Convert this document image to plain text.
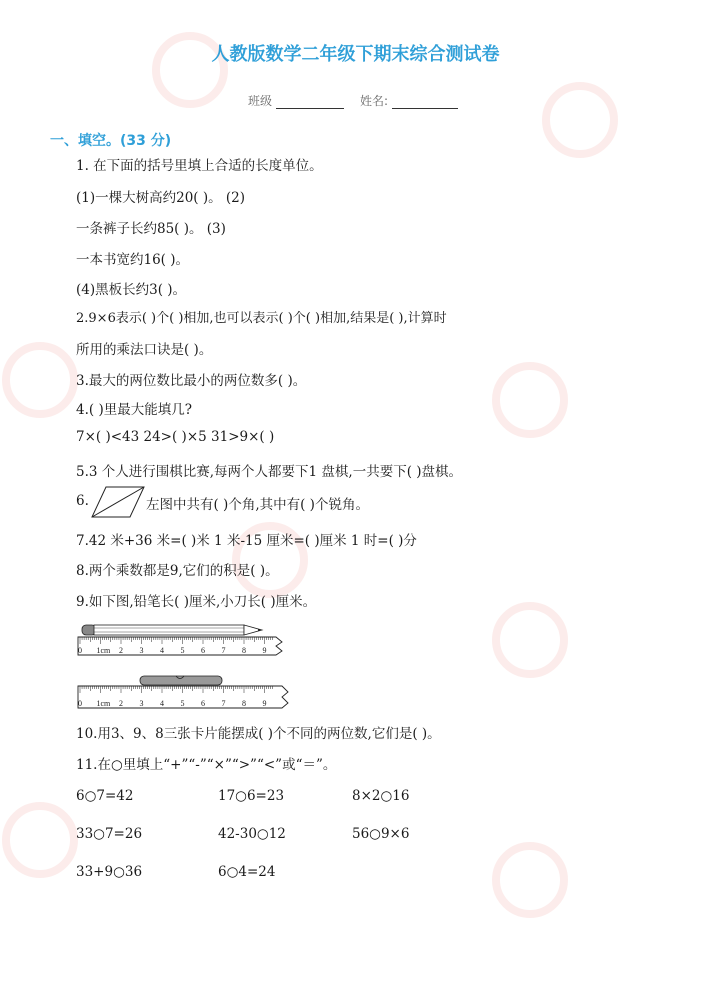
人教版数学二年级下期末综合测试卷
班级	姓名:
一、填空。(33 分)
1. 在下面的括号里填上合适的长度单位。
(1)一棵大树高约20( )。 (2)
一条裤子长约85( )。 (3)
一本书宽约16( )。
(4)黑板长约3( )。
2.9×6表示( )个( )相加,也可以表示( )个( )相加,结果是( ),计算时
所用的乘法口诀是( )。
3.最大的两位数比最小的两位数多( )。
4.( )里最大能填几?
7×( )<43 24>( )×5 31>9×( )
5.3 个人进行围棋比赛,每两个人都要下1 盘棋,一共要下( )盘棋。
6.	左图中共有( )个角,其中有( )个锐角。
7.42 米+36 米=( )米 1 米-15 厘米=( )厘米 1 时=( )分
8.两个乘数都是9,它们的积是( )。
9.如下图,铅笔长( )厘米,小刀长( )厘米。
0 1cm 2 3 4 5 6 7 8 9
0 1cm 2 3 4 5 6 7 8 9
10.用3、9、8三张卡片能摆成( )个不同的两位数,它们是( )。
11.在○里填上“+”“-”“×”“>”“<”或“＝”。
6○7=42	17○6=23	8×2○16
33○7=26	42-30○12	56○9×6
33+9○36	6○4=24
